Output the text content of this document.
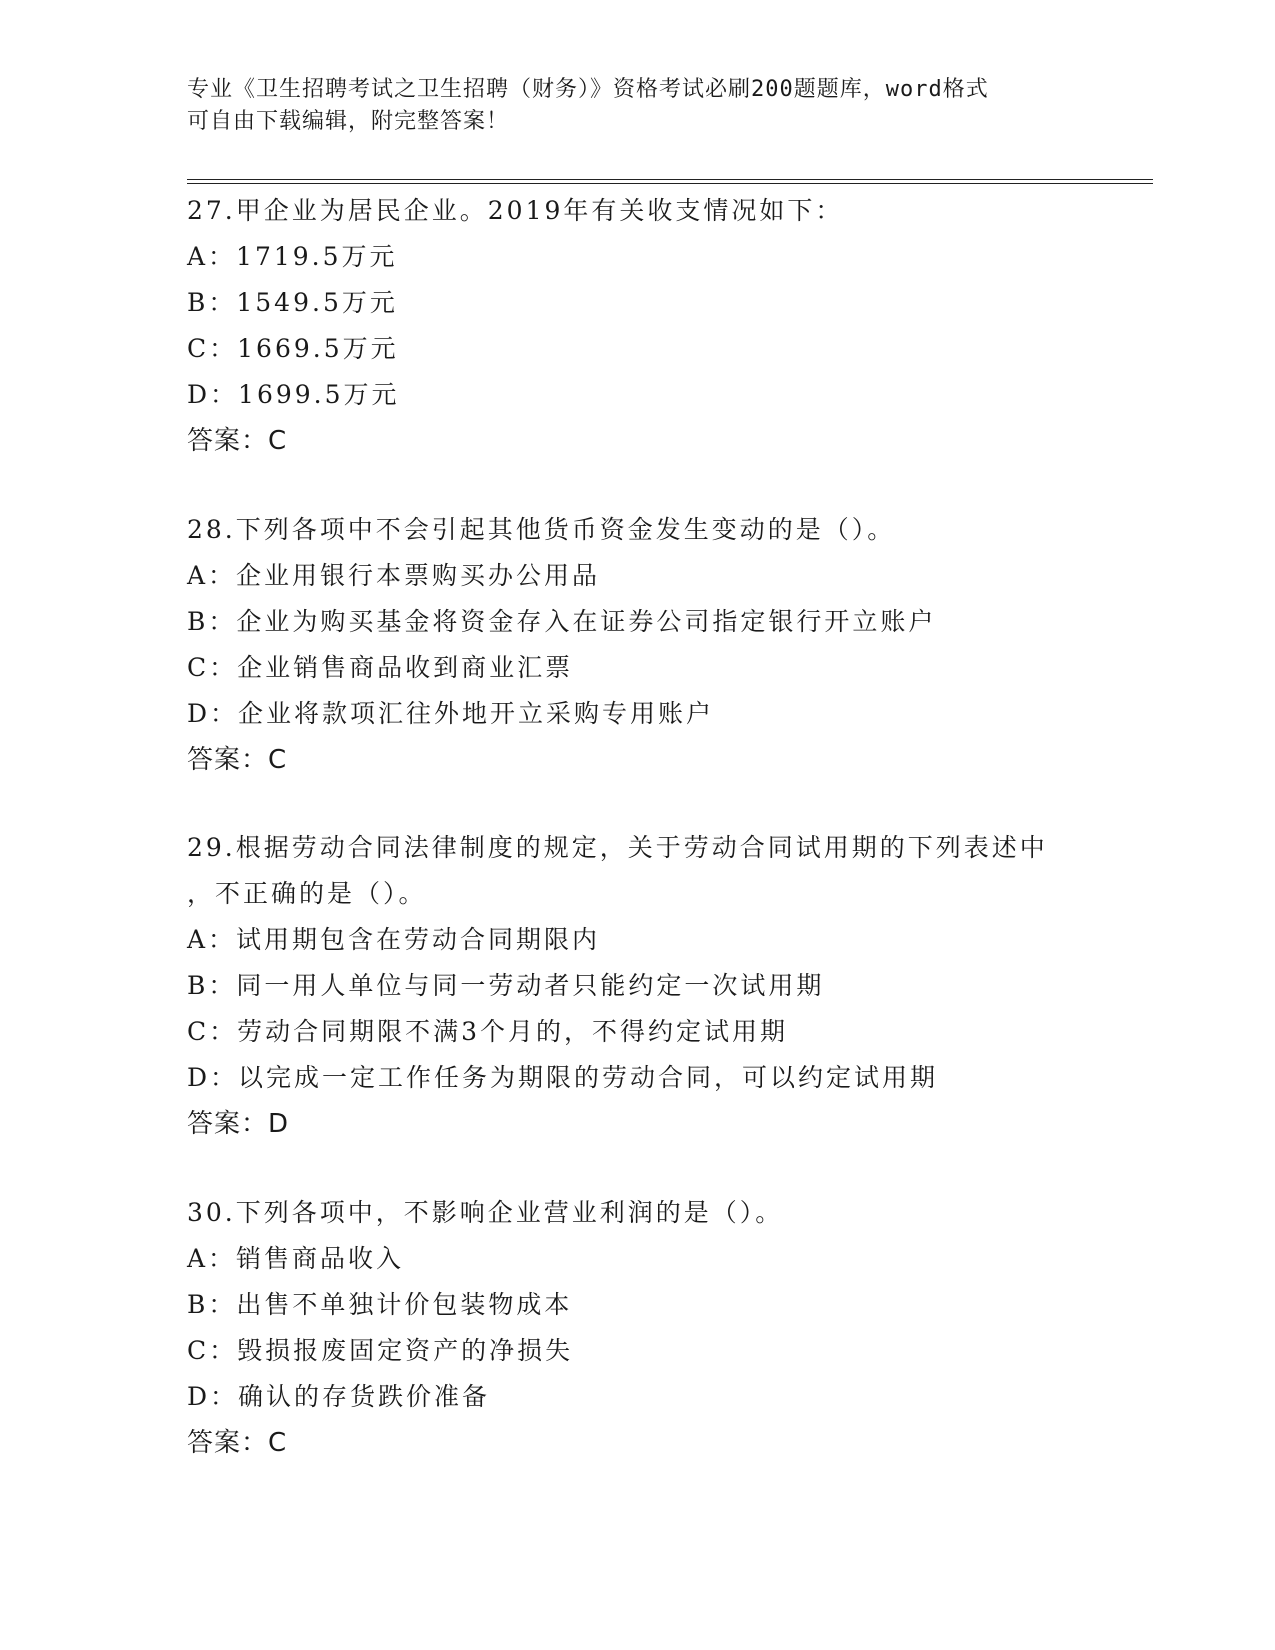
专业《卫生招聘考试之卫生招聘（财务）》资格考试必刷200题题库，word格式
可自由下载编辑，附完整答案！
27.甲企业为居民企业。2019年有关收支情况如下：
A：1719.5万元
B：1549.5万元
C：1669.5万元
D：1699.5万元
答案：C
28.下列各项中不会引起其他货币资金发生变动的是（）。
A：企业用银行本票购买办公用品
B：企业为购买基金将资金存入在证券公司指定银行开立账户
C：企业销售商品收到商业汇票
D：企业将款项汇往外地开立采购专用账户
答案：C
29.根据劳动合同法律制度的规定，关于劳动合同试用期的下列表述中
，不正确的是（）。
A：试用期包含在劳动合同期限内
B：同一用人单位与同一劳动者只能约定一次试用期
C：劳动合同期限不满3个月的，不得约定试用期
D：以完成一定工作任务为期限的劳动合同，可以约定试用期
答案：D
30.下列各项中，不影响企业营业利润的是（）。
A：销售商品收入
B：出售不单独计价包装物成本
C：毁损报废固定资产的净损失
D：确认的存货跌价准备
答案：C
